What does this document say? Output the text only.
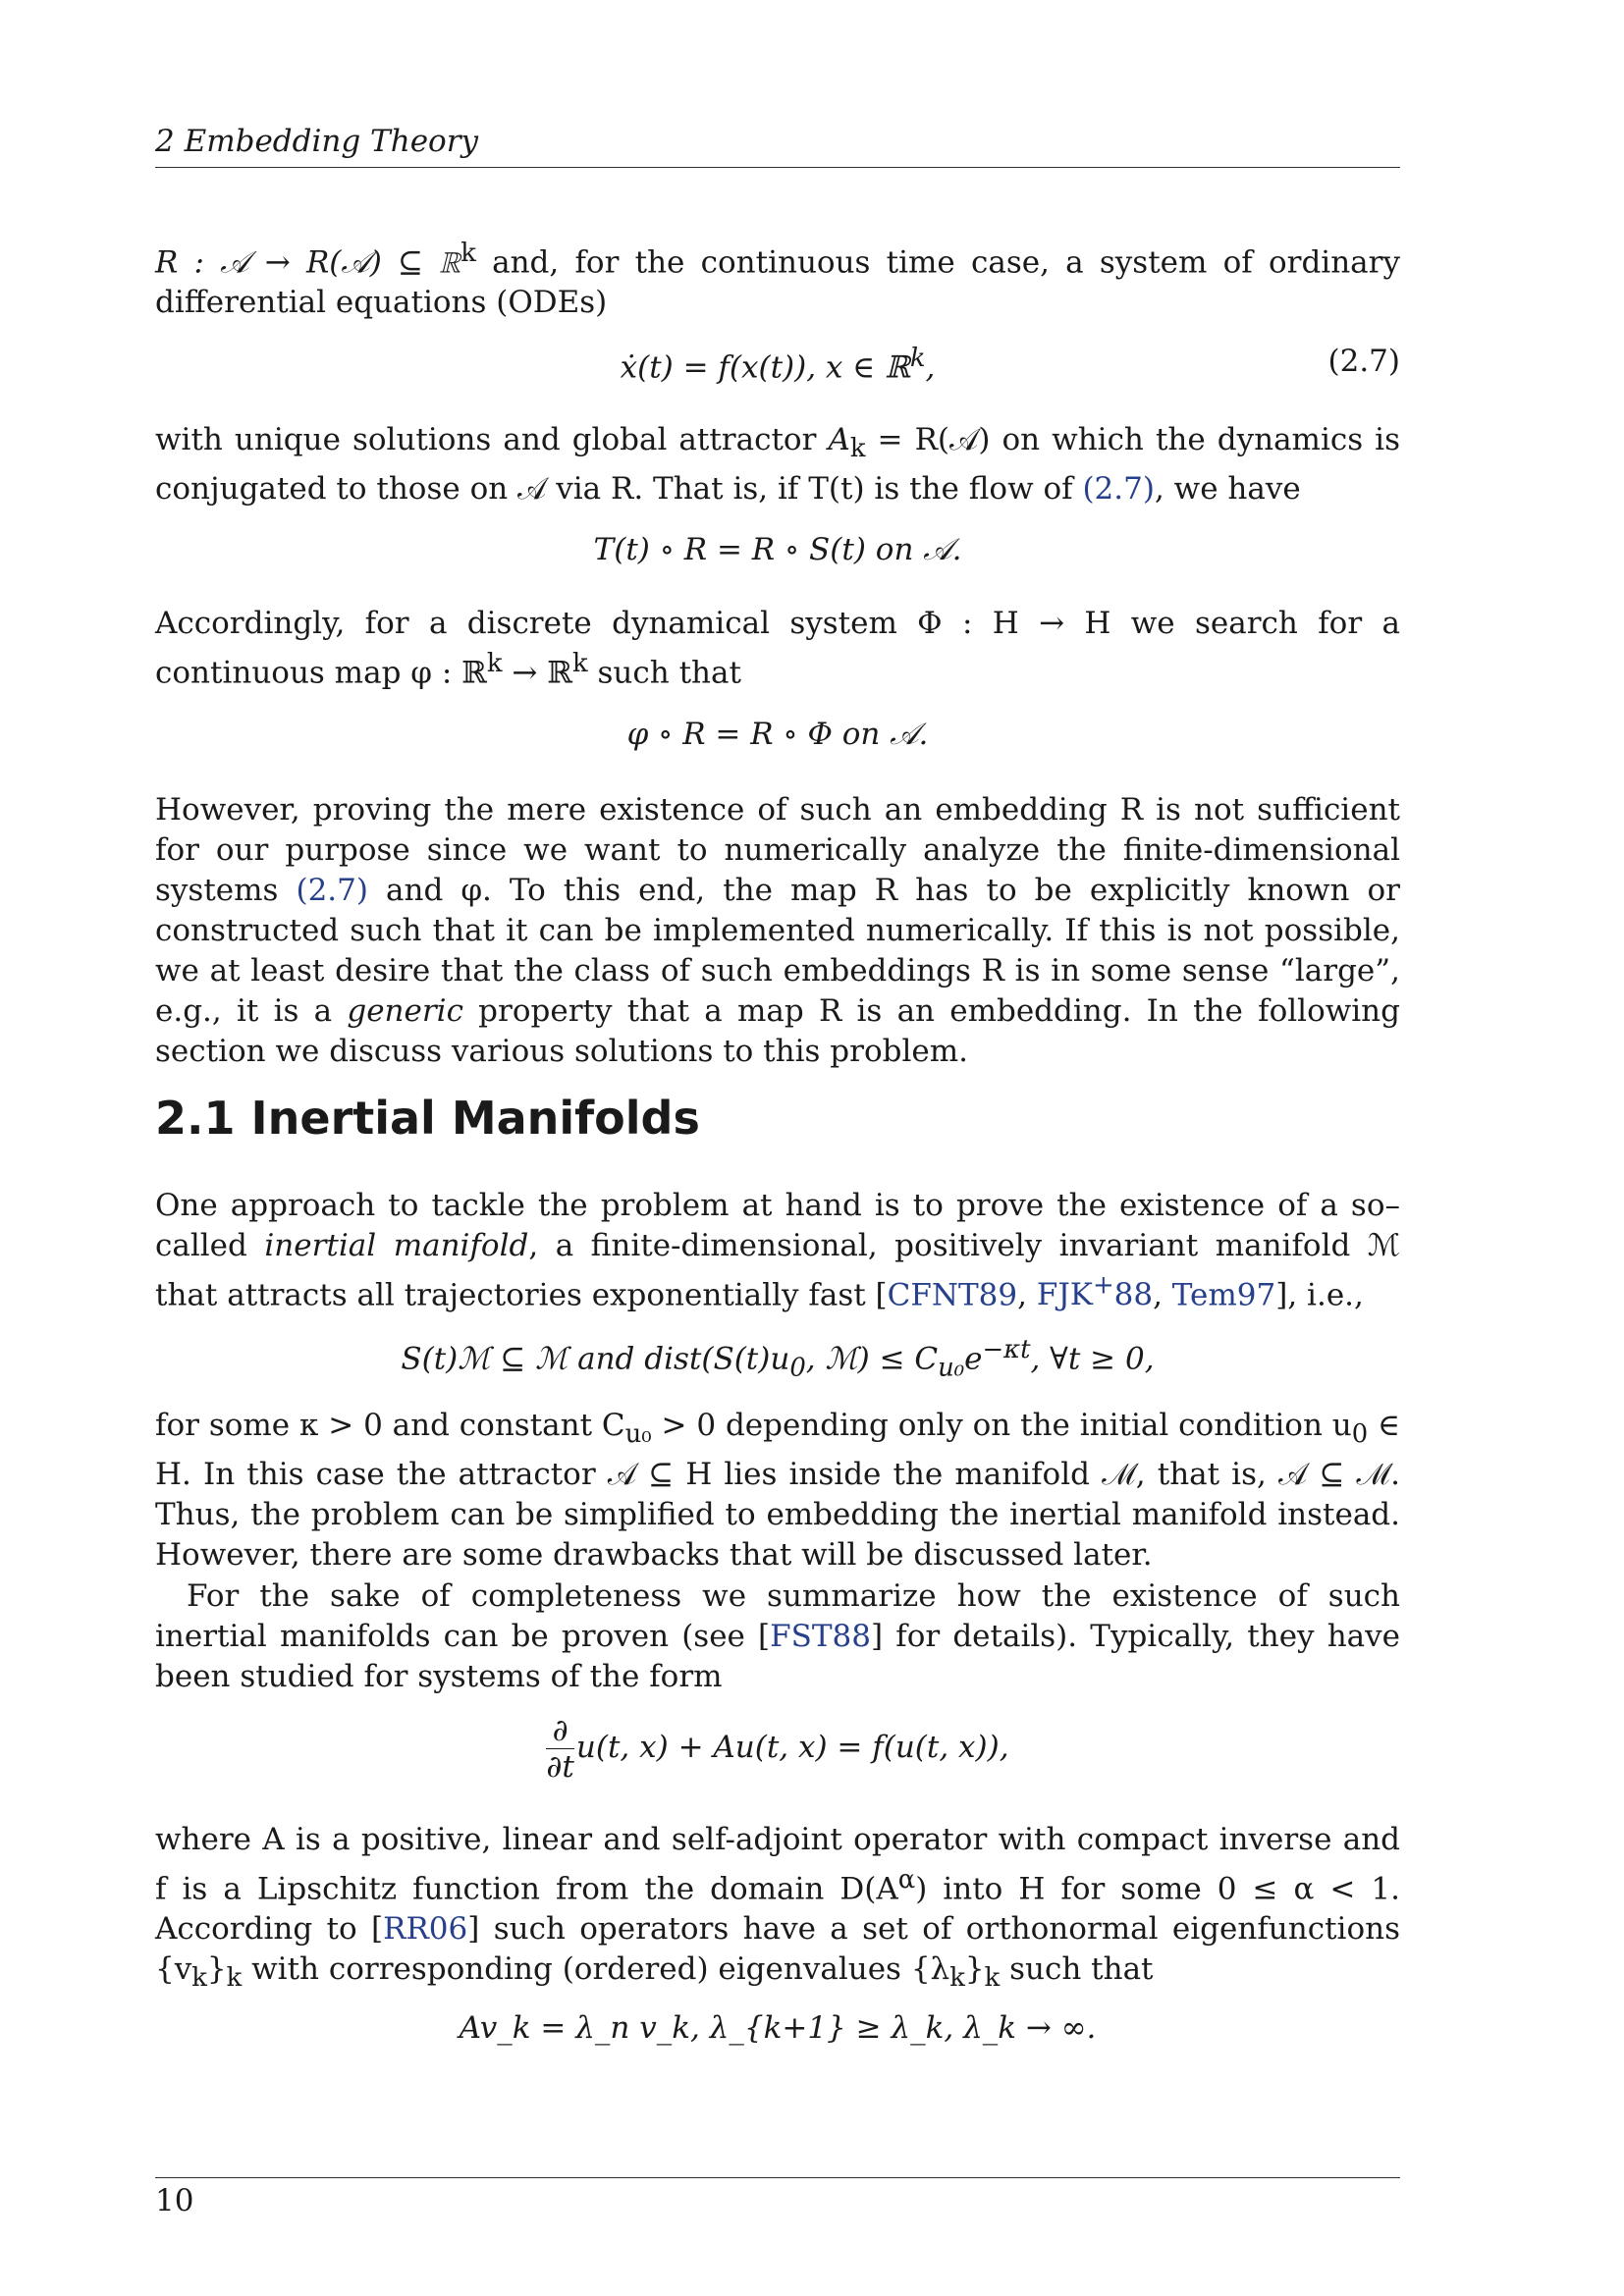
2 Embedding Theory
R : 𝒜 → R(𝒜) ⊆ ℝ$^k$ and, for the continuous time case, a system of ordinary differential equations (ODEs)
ẋ(t) = f(x(t)), x ∈ ℝ$^k$,	(2.7)
with unique solutions and global attractor $A_k$ = R(𝒜) on which the dynamics is conjugated to those on 𝒜 via R. That is, if T(t) is the flow of (2.7), we have
T(t) ∘ R = R ∘ S(t) on 𝒜.
Accordingly, for a discrete dynamical system Φ : H → H we search for a continuous map φ : ℝ$^k$ → ℝ$^k$ such that
φ ∘ R = R ∘ Φ on 𝒜.
However, proving the mere existence of such an embedding R is not sufficient for our purpose since we want to numerically analyze the finite-dimensional systems (2.7) and φ. To this end, the map R has to be explicitly known or constructed such that it can be implemented numerically. If this is not possible, we at least desire that the class of such embeddings R is in some sense “large”, e.g., it is a generic property that a map R is an embedding. In the following section we discuss various solutions to this problem.
2.1 Inertial Manifolds
One approach to tackle the problem at hand is to prove the existence of a so–called inertial manifold, a finite-dimensional, positively invariant manifold ℳ that attracts all trajectories exponentially fast [CFNT89, FJK+88, Tem97], i.e.,
S(t)ℳ ⊆ ℳ and $dist(S(t)u_0$, ℳ) ≤ $C_{u_0}e^{-\kappa t}$, ∀t ≥ 0,
for some κ > 0 and constant $C_{u_0} > 0$ depending only on the initial condition $u_0$ ∈ H. In this case the attractor 𝒜 ⊆ H lies inside the manifold ℳ, that is, 𝒜 ⊆ ℳ. Thus, the problem can be simplified to embedding the inertial manifold instead. However, there are some drawbacks that will be discussed later.
For the sake of completeness we summarize how the existence of such inertial manifolds can be proven (see [FST88] for details). Typically, they have been studied for systems of the form
$\frac{\partial}{\partial t} u(t$, x) + Au(t, x) = f(u(t, x)),
where A is a positive, linear and self-adjoint operator with compact inverse and f is a Lipschitz function from the domain $D(A^\alpha)$ into H for some 0 ≤ α < 1. According to [RR06] such operators have a set of orthonormal eigenfunctions $\{v_k\}_k$ with corresponding (ordered) eigenvalues $\{\lambda_k\}_k$ such that
Av_k = λ_n v_k, λ_{k+1} ≥ λ_k, λ_k → ∞.
10
